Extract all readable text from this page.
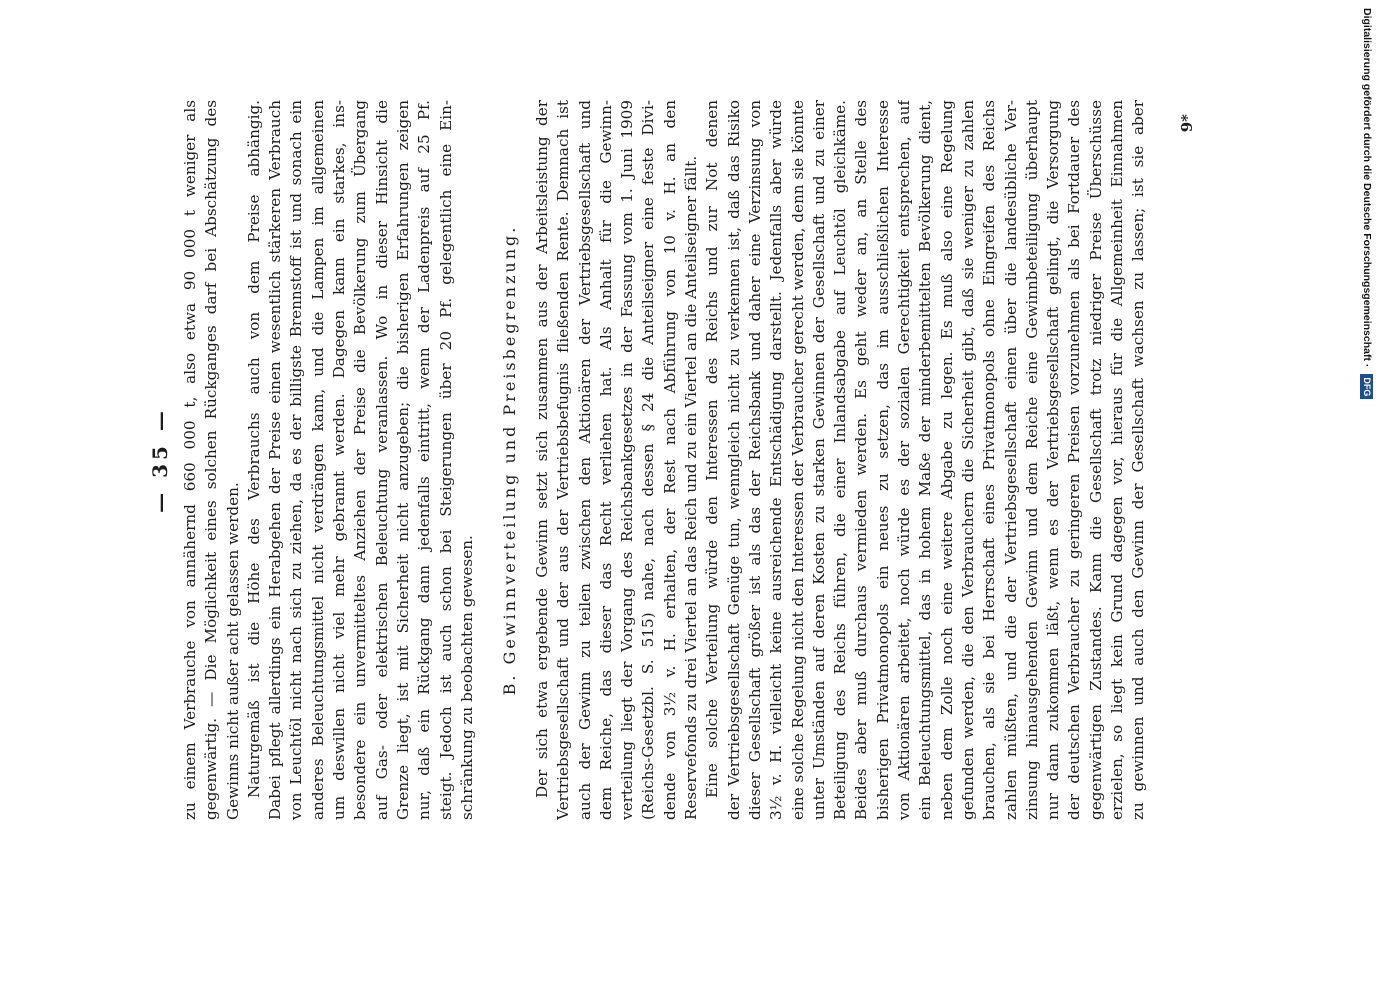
— 35 — zu einem Verbrauche von annähernd 660 000 t, also etwa 90 000 t weniger als gegenwärtig. — Die Möglichkeit eines solchen Rückganges darf bei Abschätzung des Gewinns nicht außer acht gelassen werden. Naturgemäß ist die Höhe des Verbrauchs auch von dem Preise abhängig. Dabei pflegt allerdings ein Herabgehen der Preise einen wesentlich stärkeren Verbrauch von Leuchtöl nicht nach sich zu ziehen, da es der billigste Brennstoff ist und sonach ein anderes Beleuchtungsmittel nicht verdrängen kann, und die Lampen im allgemeinen um deswillen nicht viel mehr gebrannt werden. Dagegen kann ein starkes, ins- besondere ein unvermitteltes Anziehen der Preise die Bevölkerung zum Übergang auf Gas- oder elektrischen Beleuchtung veranlassen. Wo in dieser Hinsicht die Grenze liegt, ist mit Sicherheit nicht anzugeben; die bisherigen Erfahrungen zeigen nur, daß ein Rückgang dann jedenfalls eintritt, wenn der Ladenpreis auf 25 Pf. steigt. Jedoch ist auch schon bei Steigerungen über 20 Pf. gelegentlich eine Ein- schränkung zu beobachten gewesen. B. Gewinnverteilung und Preisbegrenzung. Der sich etwa ergebende Gewinn setzt sich zusammen aus der Arbeitsleistung der Vertriebsgesellschaft und der aus der Vertriebsbefugnis fließenden Rente. Demnach ist auch der Gewinn zu teilen zwischen den Aktionären der Vertriebsgesellschaft und dem Reiche, das dieser das Recht verliehen hat. Als Anhalt für die Gewinn- verteilung liegt der Vorgang des Reichsbankgesetzes in der Fassung vom 1. Juni 1909 (Reichs-Gesetzbl. S. 515) nahe, nach dessen § 24 die Anteilseigner eine feste Divi- dende von 3½ v. H. erhalten, der Rest nach Abführung von 10 v. H. an den Reservefonds zu drei Viertel an das Reich und zu ein Viertel an die Anteilseigner fällt. Eine solche Verteilung würde den Interessen des Reichs und zur Not denen der Vertriebsgesellschaft Genüge tun, wenngleich nicht zu verkennen ist, daß das Risiko dieser Gesellschaft größer ist als das der Reichsbank und daher eine Verzinsung von 3½ v. H. vielleicht keine ausreichende Entschädigung darstellt. Jedenfalls aber würde eine solche Regelung nicht den Interessen der Verbraucher gerecht werden, denn sie könnte unter Umständen auf deren Kosten zu starken Gewinnen der Gesellschaft und zu einer Beteiligung des Reichs führen, die einer Inlandsabgabe auf Leuchtöl gleichkäme. Beides aber muß durchaus vermieden werden. Es geht weder an, an Stelle des bisherigen Privatmonopols ein neues zu setzen, das im ausschließlichen Interesse von Aktionären arbeitet, noch würde es der sozialen Gerechtigkeit entsprechen, auf ein Beleuchtungsmittel, das in hohem Maße der minderbemittelten Bevölkerung dient, neben dem Zolle noch eine weitere Abgabe zu legen. Es muß also eine Regelung gefunden werden, die den Verbrauchern die Sicherheit gibt, daß sie weniger zu zahlen brauchen, als sie bei Herrschaft eines Privatmonopols ohne Eingreifen des Reichs zahlen müßten, und die der Vertriebsgesellschaft einen über die landesübliche Ver- zinsung hinausgehenden Gewinn und dem Reiche eine Gewinnbeteiligung überhaupt nur dann zukommen läßt, wenn es der Vertriebsgesellschaft gelingt, die Versorgung der deutschen Verbraucher zu geringeren Preisen vorzunehmen als bei Fortdauer des gegenwärtigen Zustandes. Kann die Gesellschaft trotz niedriger Preise Überschüsse erzielen, so liegt kein Grund dagegen vor, hieraus für die Allgemeinheit Einnahmen zu gewinnen und auch den Gewinn der Gesellschaft wachsen zu lassen; ist sie aber 9*	Digitalisierung gefördert durch die Deutsche Forschungsgemeinschaft · DFG
